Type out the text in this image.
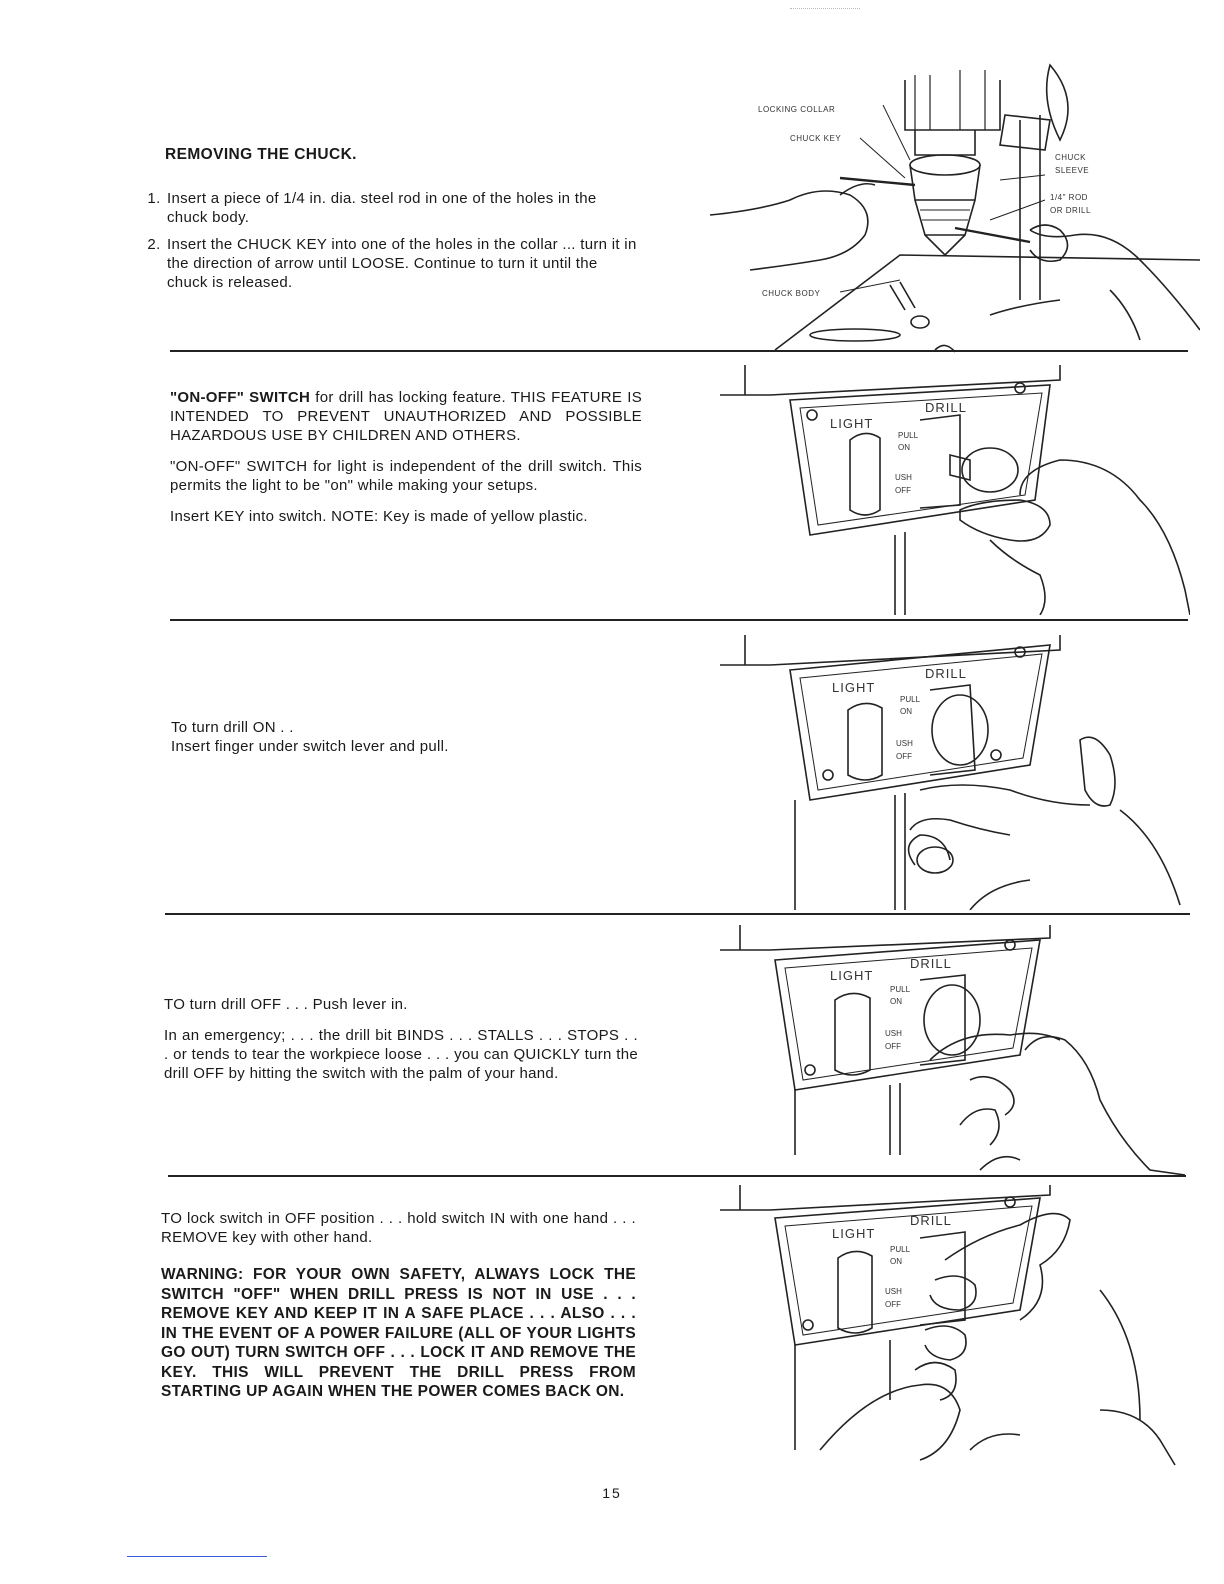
REMOVING THE CHUCK.
1. Insert a piece of 1/4 in. dia. steel rod in one of the holes in the chuck body.
2. Insert the CHUCK KEY into one of the holes in the collar ... turn it in the direction of arrow until LOOSE. Continue to turn it until the chuck is released.
LOCKING COLLAR
CHUCK KEY
CHUCK
SLEEVE
1/4" ROD
OR DRILL
CHUCK BODY

"ON-OFF" SWITCH for drill has locking feature. THIS FEATURE IS INTENDED TO PREVENT UNAUTHORIZED AND POSSIBLE HAZARDOUS USE BY CHILDREN AND OTHERS.

"ON-OFF" SWITCH for light is independent of the drill switch. This permits the light to be "on" while making your setups.

Insert KEY into switch. NOTE: Key is made of yellow plastic.

LIGHT
DRILL
PULL
ON
USH
OFF
To turn drill ON . .
Insert finger under switch lever and pull.
LIGHT
DRILL
PULL
ON
USH
OFF

TO turn drill OFF . . . Push lever in.

In an emergency; . . . the drill bit BINDS . . . STALLS . . . STOPS . . . or tends to tear the workpiece loose . . . you can QUICKLY turn the drill OFF by hitting the switch with the palm of your hand.

LIGHT
DRILL
PULL
ON
USH
OFF

TO lock switch in OFF position . . . hold switch IN with one hand . . . REMOVE key with other hand.

WARNING: FOR YOUR OWN SAFETY, ALWAYS LOCK THE SWITCH "OFF" WHEN DRILL PRESS IS NOT IN USE . . . REMOVE KEY AND KEEP IT IN A SAFE PLACE . . . ALSO . . . IN THE EVENT OF A POWER FAILURE (ALL OF YOUR LIGHTS GO OUT) TURN SWITCH OFF . . . LOCK IT AND REMOVE THE KEY. THIS WILL PREVENT THE DRILL PRESS FROM STARTING UP AGAIN WHEN THE POWER COMES BACK ON.

LIGHT
DRILL
PULL
ON
USH
OFF
15
